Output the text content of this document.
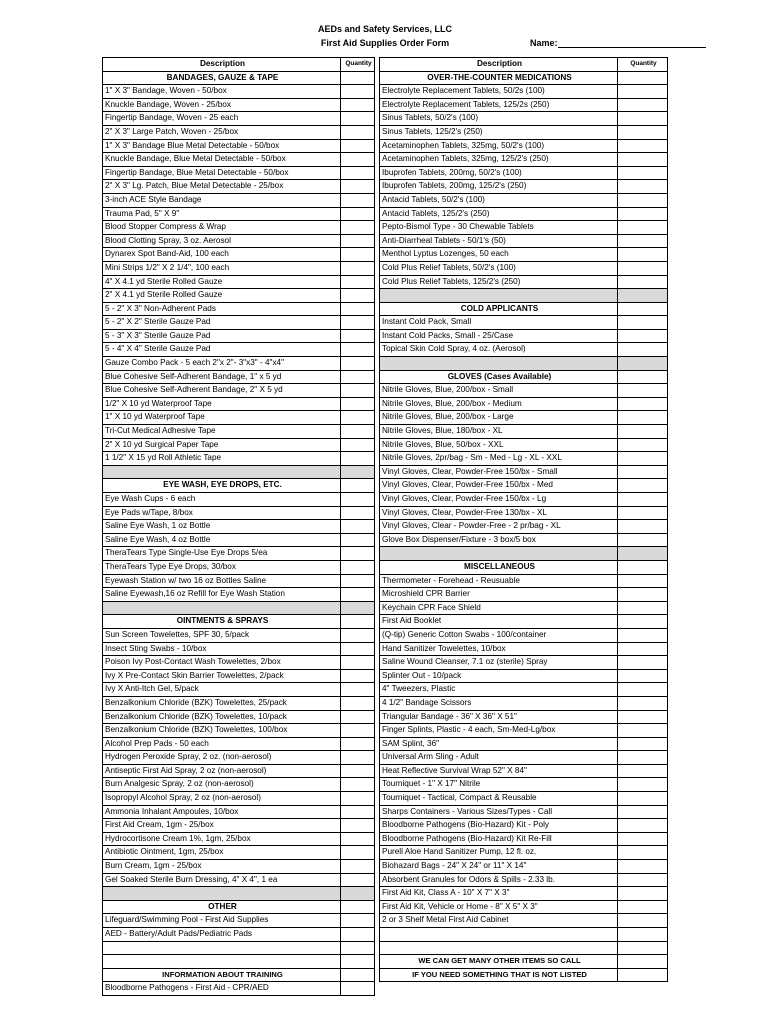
AEDs and Safety Services, LLC
First Aid Supplies Order Form	Name:
Description	Quantity
BANDAGES, GAUZE & TAPE	
1" X 3" Bandage, Woven - 50/box	
Knuckle Bandage, Woven - 25/box	
Fingertip Bandage, Woven - 25 each	
2" X 3" Large Patch, Woven - 25/box	
1" X 3" Bandage Blue Metal Detectable - 50/box	
Knuckle Bandage, Blue Metal Detectable - 50/box	
Fingertip Bandage, Blue Metal Detectable - 50/box	
2" X 3" Lg. Patch, Blue Metal Detectable - 25/box	
3-inch ACE Style Bandage	
Trauma Pad, 5" X 9"	
Blood Stopper Compress & Wrap	
Blood Clotting Spray, 3 oz. Aerosol	
Dynarex Spot Band-Aid, 100 each	
Mini Strips 1/2" X 2 1/4", 100 each	
4" X 4.1 yd Sterile Rolled Gauze	
2" X 4.1 yd Sterile Rolled Gauze	
5 - 2" X 3" Non-Adherent Pads	
5 - 2" X 2" Sterile Gauze Pad	
5 - 3" X 3" Sterile Gauze Pad	
5 - 4" X 4" Sterile Gauze Pad	
Gauze Combo Pack - 5 each 2"x 2"- 3"x3" - 4"x4"	
Blue Cohesive Self-Adherent Bandage, 1" x 5 yd	
Blue Cohesive Self-Adherent Bandage, 2" X 5 yd	
1/2" X 10 yd Waterproof Tape	
1" X 10 yd Waterproof Tape	
Tri-Cut Medical Adhesive Tape	
2" X 10 yd Surgical Paper Tape	
1 1/2" X 15 yd Roll Athletic Tape	

EYE WASH, EYE DROPS, ETC.	
Eye Wash Cups - 6 each	
Eye Pads w/Tape, 8/box	
Saline Eye Wash, 1 oz Bottle	
Saline Eye Wash, 4 oz Bottle	
TheraTears Type Single-Use Eye Drops 5/ea	
TheraTears Type Eye Drops, 30/box	
Eyewash Station w/ two 16 oz Bottles Saline	
Saline Eyewash,16 oz Refill for Eye Wash Station	

OINTMENTS & SPRAYS	
Sun Screen Towelettes, SPF 30, 5/pack	
Insect Sting Swabs - 10/box	
Poison Ivy Post-Contact Wash Towelettes, 2/box	
Ivy X Pre-Contact Skin Barrier Towelettes, 2/pack	
Ivy X Anti-Itch Gel, 5/pack	
Benzalkonium Chloride (BZK) Towelettes, 25/pack	
Benzalkonium Chloride (BZK) Towelettes, 10/pack	
Benzalkonium Chloride (BZK) Towelettes, 100/box	
Alcohol Prep Pads - 50 each	
Hydrogen Peroxide Spray, 2 oz. (non-aerosol)	
Antiseptic First Aid Spray, 2 oz (non-aerosol)	
Burn Analgesic Spray, 2 oz (non-aerosol)	
Isopropyl Alcohol Spray, 2 oz (non-aerosol)	
Ammonia Inhalant Ampoules, 10/box	
First Aid Cream, 1gm - 25/box	
Hydrocortisone Cream 1%, 1gm, 25/box	
Antibiotic Ointment, 1gm, 25/box	
Burn Cream, 1gm - 25/box	
Gel Soaked Sterile Burn Dressing, 4" X 4", 1 ea	

OTHER	
Lifeguard/Swimming Pool - First Aid Supplies	
AED - Battery/Adult Pads/Pediatric Pads	

INFORMATION ABOUT TRAINING	
Bloodborne Pathogens - First Aid - CPR/AED	
Description	Quantity
OVER-THE-COUNTER MEDICATIONS	
Electrolyte Replacement Tablets, 50/2s (100)	
Electrolyte Replacement Tablets, 125/2s (250)	
Sinus Tablets, 50/2's (100)	
Sinus Tablets, 125/2's (250)	
Acetaminophen Tablets, 325mg, 50/2's (100)	
Acetaminophen Tablets, 325mg, 125/2's (250)	
Ibuprofen Tablets, 200mg, 50/2's (100)	
Ibuprofen Tablets, 200mg, 125/2's (250)	
Antacid Tablets, 50/2's (100)	
Antacid Tablets, 125/2's (250)	
Pepto-Bismol Type - 30 Chewable Tablets	
Anti-Diarrheal Tablets - 50/1's (50)	
Menthol Lyptus Lozenges, 50 each	
Cold Plus Relief Tablets, 50/2's (100)	
Cold Plus Relief Tablets, 125/2's (250)	

COLD APPLICANTS	
Instant Cold Pack, Small	
Instant Cold Packs, Small - 25/Case	
Topical Skin Cold Spray, 4 oz. (Aerosol)	

GLOVES (Cases Available)	
Nitrile Gloves, Blue, 200/box - Small	
Nitrile Gloves, Blue, 200/box - Medium	
Nitrile Gloves, Blue, 200/box - Large	
Nitrile Gloves, Blue, 180/box - XL	
Nitrile Gloves, Blue, 50/box - XXL	
Nitrile Gloves, 2pr/bag - Sm - Med - Lg - XL - XXL	
Vinyl Gloves, Clear, Powder-Free 150/bx - Small	
Vinyl Gloves, Clear, Powder-Free 150/bx - Med	
Vinyl Gloves, Clear, Powder-Free 150/bx - Lg	
Vinyl Gloves, Clear, Powder-Free 130/bx - XL	
Vinyl Gloves, Clear - Powder-Free - 2 pr/bag - XL	
Glove Box Dispenser/Fixture - 3 box/5 box	

MISCELLANEOUS	
Thermometer - Forehead - Reusuable	
Microshield CPR Barrier	
Keychain CPR Face Shield	
First Aid Booklet	
(Q-tip) Generic Cotton Swabs - 100/container	
Hand Sanitizer Towelettes, 10/box	
Saline Wound Cleanser, 7.1 oz (sterile) Spray	
Splinter Out - 10/pack	
4" Tweezers, Plastic	
4 1/2" Bandage Scissors	
Triangular Bandage - 36" X 36" X 51"	
Finger Splints, Plastic - 4 each, Sm-Med-Lg/box	
SAM Splint, 36"	
Universal Arm Sling - Adult	
Heat Reflective Survival Wrap 52" X 84"	
Tourniquet - 1" X 17" Nitrile	
Tourniquet - Tactical, Compact & Reusable	
Sharps Containers - Various Sizes/Types - Call	
Bloodborne Pathogens (Bio-Hazard) Kit - Poly	
Bloodborne Pathogens (Bio-Hazard) Kit Re-Fill	
Purell Aloe Hand Sanitizer Pump, 12 fl. oz.	
Biohazard Bags - 24" X 24" or 11" X 14"	
Absorbent Granules for Odors & Spills - 2.33 lb.	
First Aid Kit, Class A - 10" X 7" X 3"	
First Aid Kit, Vehicle or Home - 8" X 5" X 3"	
2 or 3 Shelf Metal First Aid Cabinet	

WE CAN GET MANY OTHER ITEMS SO CALL	
IF YOU NEED SOMETHING THAT IS NOT LISTED	
